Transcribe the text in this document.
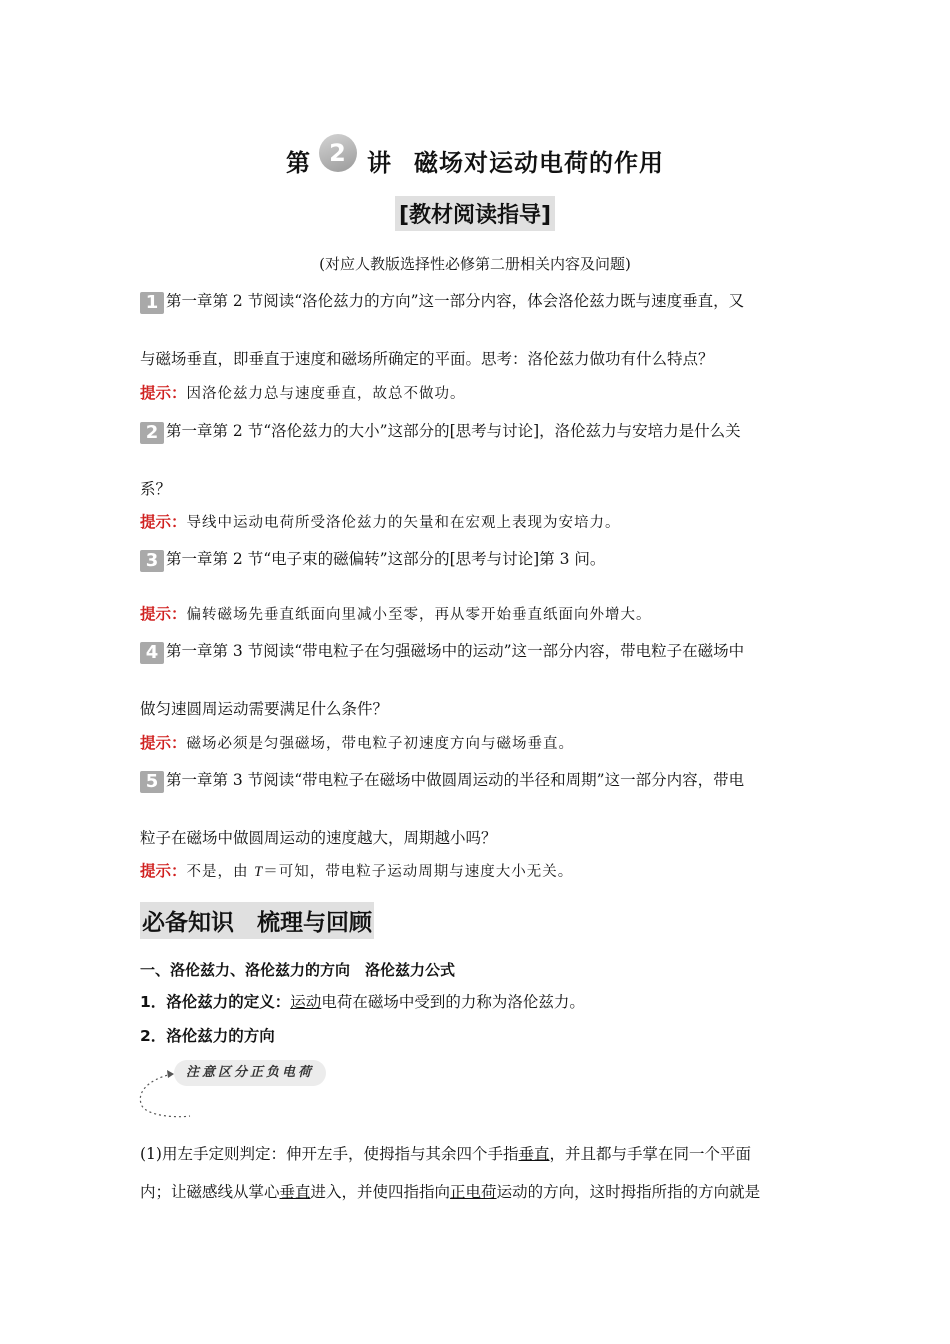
第 2 讲 磁场对运动电荷的作用
[教材阅读指导]
(对应人教版选择性必修第二册相关内容及问题)
1 第一章第 2 节阅读“洛伦兹力的方向”这一部分内容，体会洛伦兹力既与速度垂直，又
与磁场垂直，即垂直于速度和磁场所确定的平面。思考：洛伦兹力做功有什么特点？
提示：因洛伦兹力总与速度垂直，故总不做功。
2 第一章第 2 节“洛伦兹力的大小”这部分的[思考与讨论]，洛伦兹力与安培力是什么关
系？
提示：导线中运动电荷所受洛伦兹力的矢量和在宏观上表现为安培力。
3 第一章第 2 节“电子束的磁偏转”这部分的[思考与讨论]第 3 问。
提示：偏转磁场先垂直纸面向里减小至零，再从零开始垂直纸面向外增大。
4 第一章第 3 节阅读“带电粒子在匀强磁场中的运动”这一部分内容，带电粒子在磁场中
做匀速圆周运动需要满足什么条件？
提示：磁场必须是匀强磁场，带电粒子初速度方向与磁场垂直。
5 第一章第 3 节阅读“带电粒子在磁场中做圆周运动的半径和周期”这一部分内容，带电
粒子在磁场中做圆周运动的速度越大，周期越小吗？
提示：不是，由 T＝可知，带电粒子运动周期与速度大小无关。
必备知识　梳理与回顾
一、洛伦兹力、洛伦兹力的方向　洛伦兹力公式
1．洛伦兹力的定义：运动电荷在磁场中受到的力称为洛伦兹力。
2．洛伦兹力的方向
注意区分正负电荷
(1)用左手定则判定：伸开左手，使拇指与其余四个手指垂直，并且都与手掌在同一个平面
内；让磁感线从掌心垂直进入，并使四指指向正电荷运动的方向，这时拇指所指的方向就是
